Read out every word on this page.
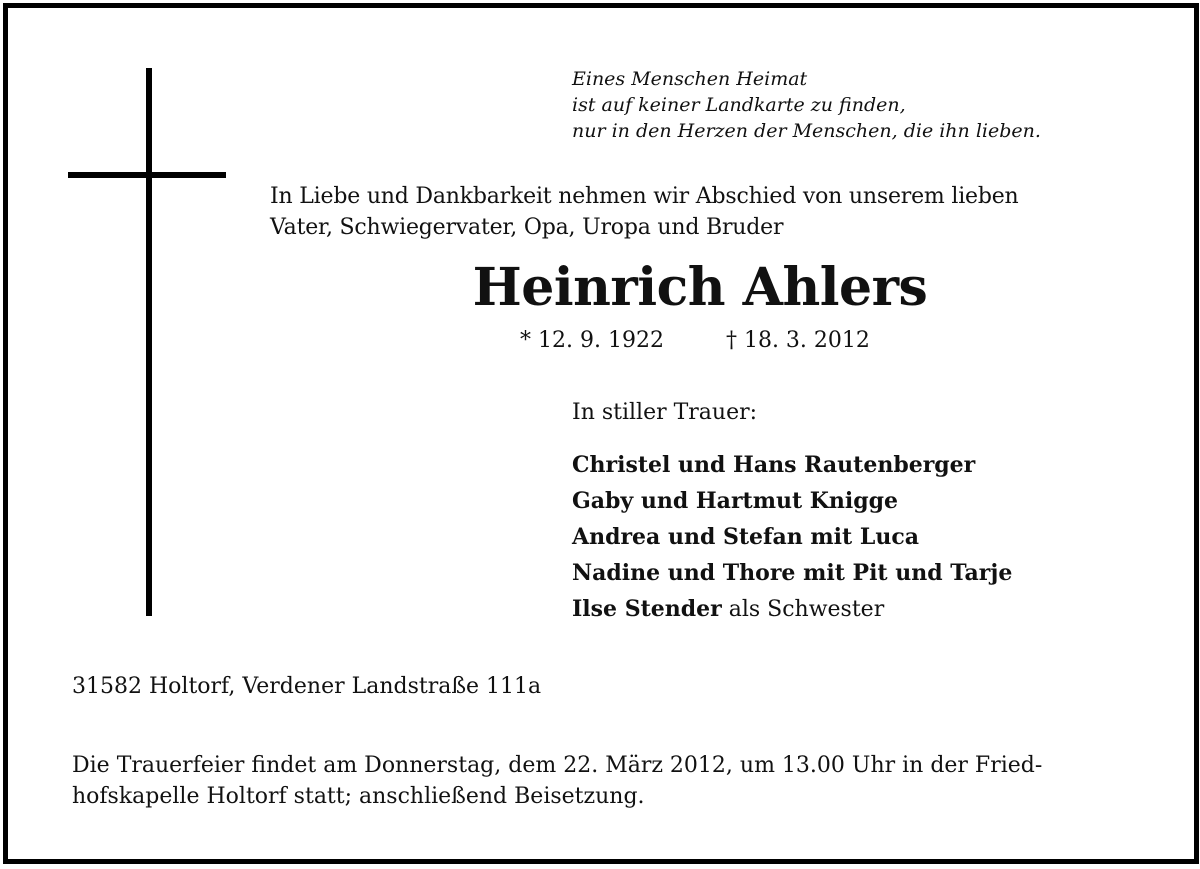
Eines Menschen Heimat
ist auf keiner Landkarte zu finden,
nur in den Herzen der Menschen, die ihn lieben.
In Liebe und Dankbarkeit nehmen wir Abschied von unserem lieben
Vater, Schwiegervater, Opa, Uropa und Bruder
Heinrich Ahlers
* 12. 9. 1922	† 18. 3. 2012
In stiller Trauer:
Christel und Hans Rautenberger
Gaby und Hartmut Knigge
Andrea und Stefan mit Luca
Nadine und Thore mit Pit und Tarje
Ilse Stender als Schwester
31582 Holtorf, Verdener Landstraße 111a
Die Trauerfeier findet am Donnerstag, dem 22. März 2012, um 13.00 Uhr in der Fried-
hofskapelle Holtorf statt; anschließend Beisetzung.
